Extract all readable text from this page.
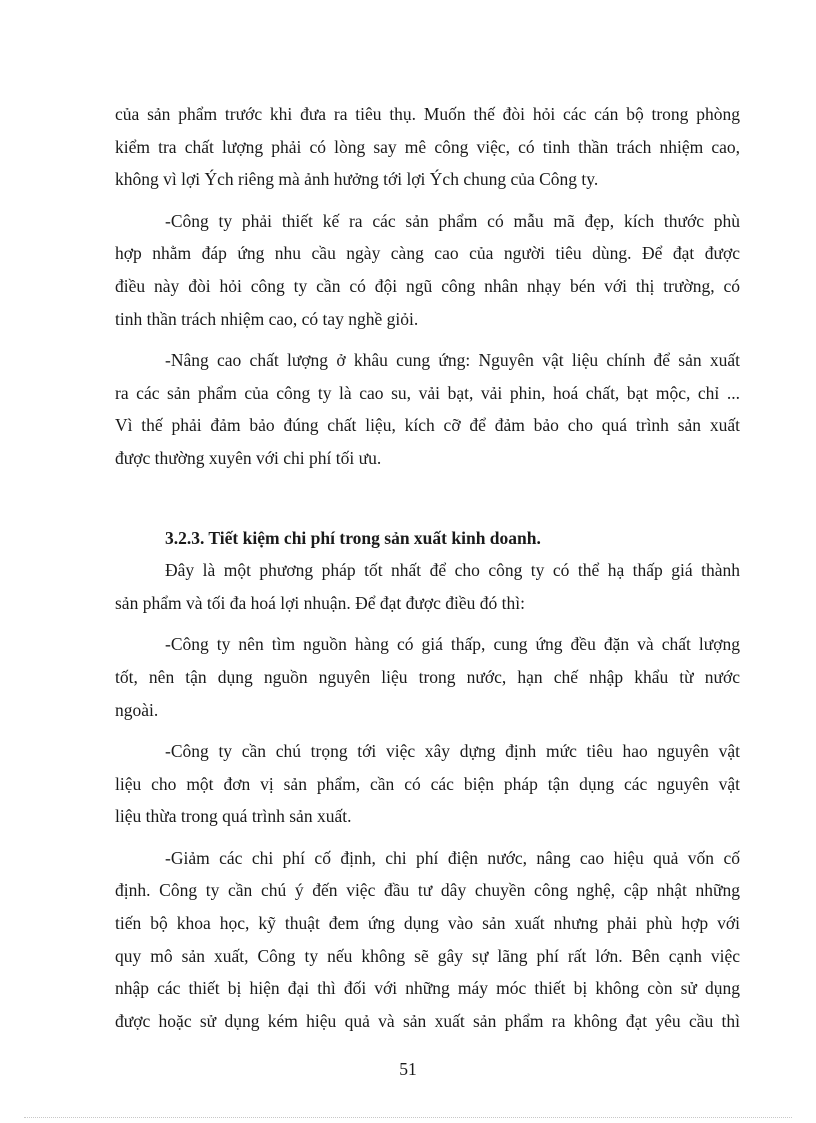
của sản phẩm trước khi đưa ra tiêu thụ. Muốn thế đòi hỏi các cán bộ trong phòng
kiểm tra chất lượng phải có lòng say mê công việc, có tinh thần trách nhiệm cao,
không vì lợi Ých riêng mà ảnh hưởng tới lợi Ých chung của Công ty.

-Công ty phải thiết kế ra các sản phẩm có mẫu mã đẹp, kích thước phù
hợp nhằm đáp ứng nhu cầu ngày càng cao của người tiêu dùng. Để đạt được
điều này đòi hỏi công ty cần có đội ngũ công nhân nhạy bén với thị trường, có
tinh thần trách nhiệm cao, có tay nghề giỏi.

-Nâng cao chất lượng ở khâu cung ứng: Nguyên vật liệu chính để sản xuất
ra các sản phẩm của công ty là cao su, vải bạt, vải phin, hoá chất, bạt mộc, chỉ ...
Vì thế phải đảm bảo đúng chất liệu, kích cỡ để đảm bảo cho quá trình sản xuất
được thường xuyên với chi phí tối ưu.

3.2.3. Tiết kiệm chi phí trong sản xuất kinh doanh.

Đây là một phương pháp tốt nhất để cho công ty có thể hạ thấp giá thành
sản phẩm và tối đa hoá lợi nhuận. Để đạt được điều đó thì:

-Công ty nên tìm nguồn hàng có giá thấp, cung ứng đều đặn và chất lượng
tốt, nên tận dụng nguồn nguyên liệu trong nước, hạn chế nhập khẩu từ nước
ngoài.

-Công ty cần chú trọng tới việc xây dựng định mức tiêu hao nguyên vật
liệu cho một đơn vị sản phẩm, cần có các biện pháp tận dụng các nguyên vật
liệu thừa trong quá trình sản xuất.

-Giảm các chi phí cố định, chi phí điện nước, nâng cao hiệu quả vốn cố
định. Công ty cần chú ý đến việc đầu tư dây chuyền công nghệ, cập nhật những
tiến bộ khoa học, kỹ thuật đem ứng dụng vào sản xuất nhưng phải phù hợp với
quy mô sản xuất, Công ty nếu không sẽ gây sự lãng phí rất lớn. Bên cạnh việc
nhập các thiết bị hiện đại thì đối với những máy móc thiết bị không còn sử dụng
được hoặc sử dụng kém hiệu quả và sản xuất sản phẩm ra không đạt yêu cầu thì

51
